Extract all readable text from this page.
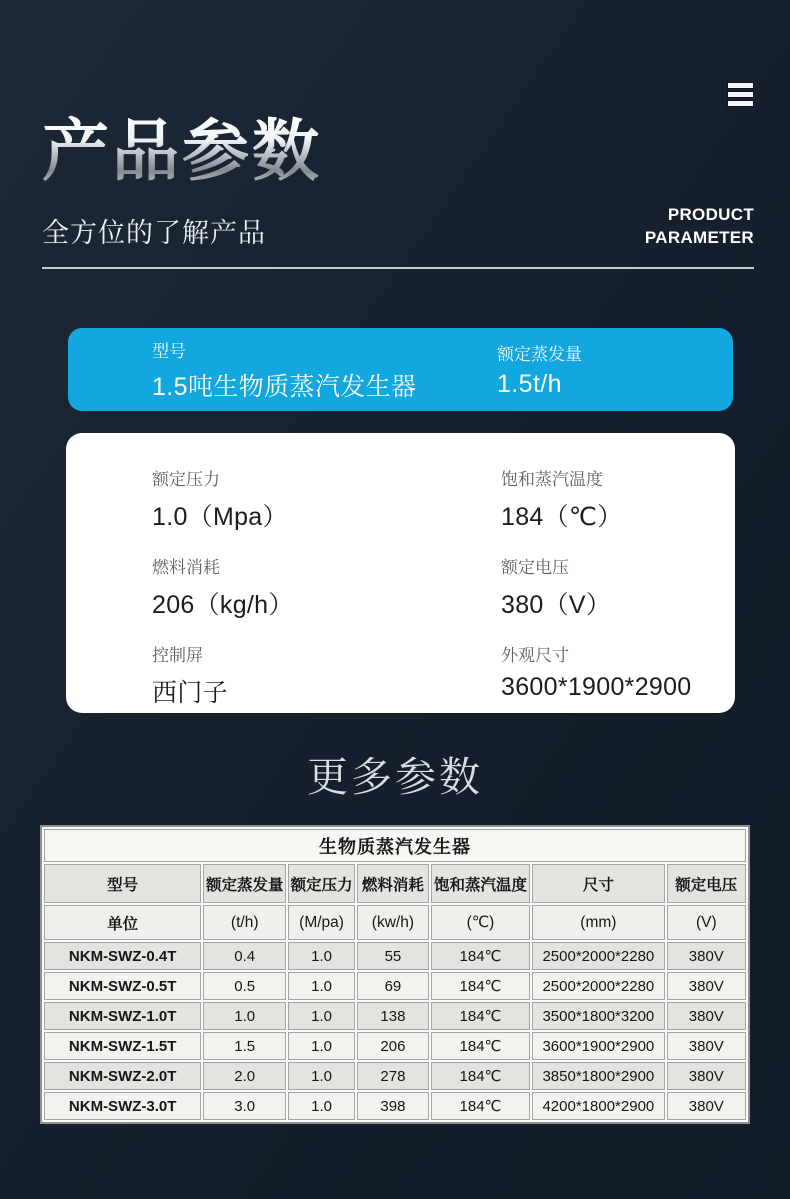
产品参数
全方位的了解产品
PRODUCT
PARAMETER
型号
1.5吨生物质蒸汽发生器
额定蒸发量
1.5t/h
额定压力
1.0（Mpa）
饱和蒸汽温度
184（℃）
燃料消耗
206（kg/h）
额定电压
380（V）
控制屏
西门子
外观尺寸
3600*1900*2900
更多参数
生物质蒸汽发生器						
型号	额定蒸发量	额定压力	燃料消耗	饱和蒸汽温度	尺寸	额定电压
单位	(t/h)	(M/pa)	(kw/h)	(℃)	(mm)	(V)
NKM-SWZ-0.4T	0.4	1.0	55	184℃	2500*2000*2280	380V
NKM-SWZ-0.5T	0.5	1.0	69	184℃	2500*2000*2280	380V
NKM-SWZ-1.0T	1.0	1.0	138	184℃	3500*1800*3200	380V
NKM-SWZ-1.5T	1.5	1.0	206	184℃	3600*1900*2900	380V
NKM-SWZ-2.0T	2.0	1.0	278	184℃	3850*1800*2900	380V
NKM-SWZ-3.0T	3.0	1.0	398	184℃	4200*1800*2900	380V
